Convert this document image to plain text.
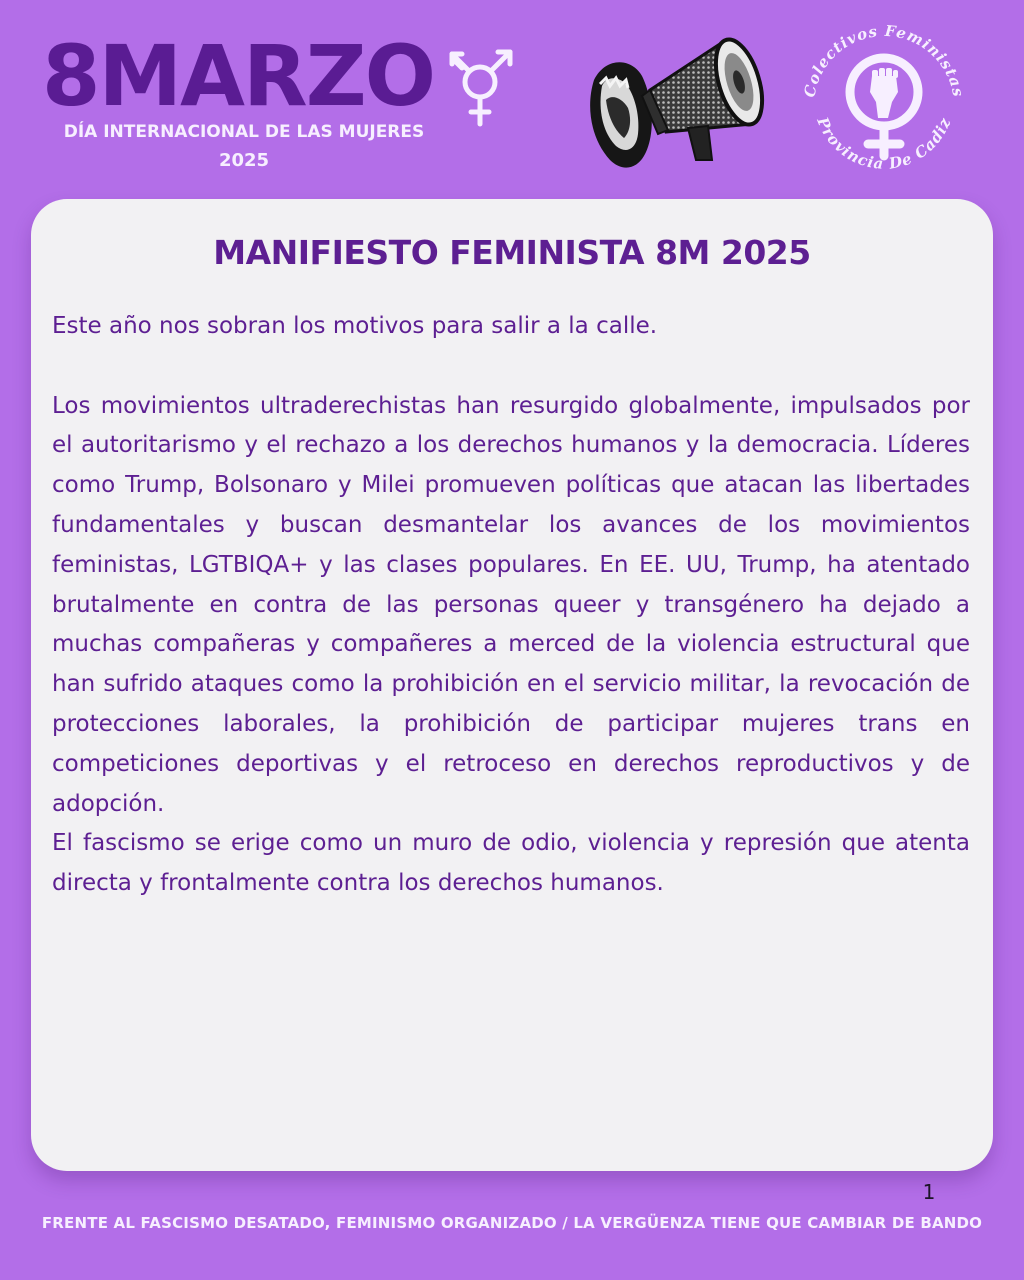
8MARZO
DÍA INTERNACIONAL DE LAS MUJERES
2025
Colectivos Feministas
Provincia De Cadiz
MANIFIESTO FEMINISTA 8M 2025

Este año nos sobran los motivos para salir a la calle.

Los movimientos ultraderechistas han resurgido globalmente, impulsados por el autoritarismo y el rechazo a los derechos humanos y la democracia. Líderes como Trump, Bolsonaro y Milei promueven políticas que atacan las libertades fundamentales y buscan desmantelar los avances de los movimientos feministas, LGTBIQA+ y las clases populares. En EE. UU, Trump, ha atentado brutalmente en contra de las personas queer y transgénero ha dejado a muchas compañeras y compañeres a merced de la violencia estructural que han sufrido ataques como la prohibición en el servicio militar, la revocación de protecciones laborales, la prohibición de participar mujeres trans en competiciones deportivas y el retroceso en derechos reproductivos y de adopción.

El fascismo se erige como un muro de odio, violencia y represión que atenta directa y frontalmente contra los derechos humanos.

1
FRENTE AL FASCISMO DESATADO, FEMINISMO ORGANIZADO / LA VERGÜENZA TIENE QUE CAMBIAR DE BANDO
